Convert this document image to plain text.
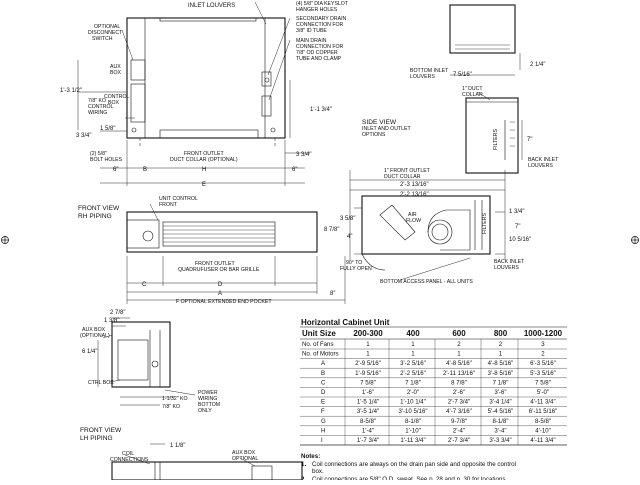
INLET LOUVERS	(4) 5/8" DIA KEYSLOT
HANGER HOLES
SECONDARY DRAIN
CONNECTION FOR
3/8" ID TUBE
MAIN DRAIN
CONNECTION FOR
7/8" OD COPPER
TUBE AND CLAMP
OPTIONAL
DISCONNECT
SWITCH
AUX
BOX
CONTROL
BOX
7/8" KO
CONTROL
WIRING
1'-3 1/2"
1 5/8"
3 3/4"
(2) 5/8"
BOLT HOLES
FRONT OUTLET
DUCT COLLAR (OPTIONAL)
1'-1 3/4"
3 3/4"
6"	H	6"
B
E
BOTTOM INLET
LOUVERS
2 1/4"
7 5/16"
1" DUCT
COLLAR
SIDE VIEW
INLET AND OUTLET
OPTIONS	FILTERS
BACK INLET
LOUVERS
7"
1" FRONT OUTLET
DUCT COLLAR
2'-3 13/16"
2'-2 13/16"
3 5/8"
8 7/8"
4"
AIR
FLOW	FILTERS
1 3/4"
7"
10 5/16"
90° TO
FULLY OPEN
BOTTOM ACCESS PANEL - ALL UNITS
BACK INLET
LOUVERS
FRONT VIEW
RH PIPING
UNIT CONTROL
FRONT
FRONT OUTLET
QUADRUFUSER OR BAR GRILLE
C	D
A	8"
F OPTIONAL EXTENDED END POCKET
2 7/8"
1 3/8"
AUX BOX
(OPTIONAL)
6 1/4"
CTRL BOX
1-1/32" KO
7/8" KO
POWER
WIRING
BOTTOM
ONLY
FRONT VIEW
LH PIPING
1 1/8"
COIL
CONNECTIONS
AUX BOX
OPTIONAL
Horizontal Cabinet Unit
Unit Size 200-300	400	600	800 1000-1200
No. of Fans	1	1	2	2	3
No. of Motors	1	1	1	1	2
A	2'-9 5/16"	3'-2 5/16"	4'-8 5/16"	4'-8 5/16"	6'-3 5/16"
B	1'-9 5/16"	2'-2 5/16"	2'-11 13/16" 3'-8 5/16"	5'-3 5/16"
C	7 5/8"	7 1/8"	8 7/8"	7 1/8"	7 5/8"
D	1'-6"	2'-0"	2'-6"	3'-6"	5'-0"
E	1'-5 1/4"	1'-10 1/4"	2'-7 3/4"	3'-4 1/4"	4'-11 3/4"
F	3'-5 1/4"	3'-10 5/16"	4'-7 3/16"	5'-4 5/16"	6'-11 5/16"
G	8-5/8"	8-1/8"	9-7/8"	8-1/8"	8-5/8"
H	1'-4"	1'-10"	2'-4"	3'-4"	4'-10"
I	1'-7 3/4"	1'-11 3/4"	2'-7 3/4"	3'-3 3/4"	4'-11 3/4"
Notes:
1. Coil connections are always on the drain pan side and opposite the control
box.
2. Coil connections are 5/8" O.D. sweat. See p. 28 and p. 30 for locations.
